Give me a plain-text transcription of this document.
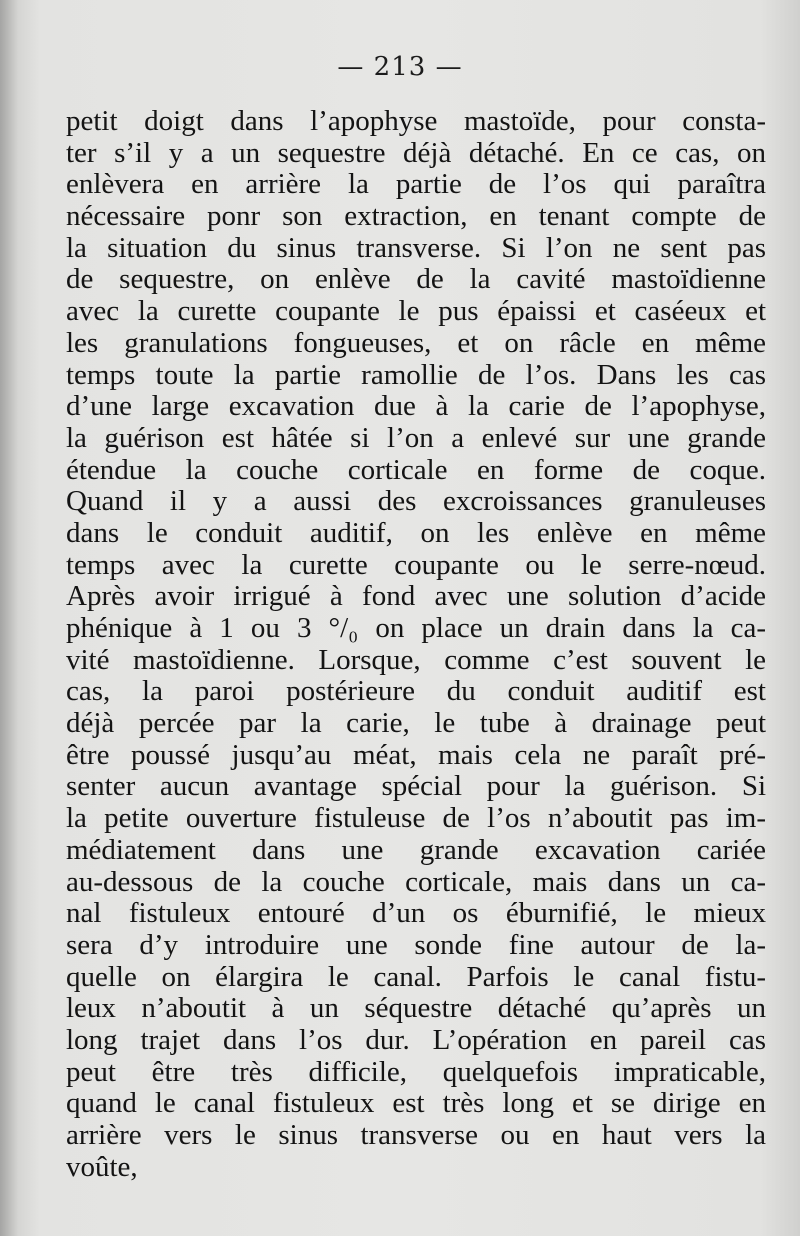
— 213 —
petit doigt dans l’apophyse mastoïde, pour consta-
ter s’il y a un sequestre déjà détaché. En ce cas, on
enlèvera en arrière la partie de l’os qui paraîtra
nécessaire ponr son extraction, en tenant compte de
la situation du sinus transverse. Si l’on ne sent pas
de sequestre, on enlève de la cavité mastoïdienne
avec la curette coupante le pus épaissi et caséeux et
les granulations fongueuses, et on râcle en même
temps toute la partie ramollie de l’os. Dans les cas
d’une large excavation due à la carie de l’apophyse,
la guérison est hâtée si l’on a enlevé sur une grande
étendue la couche corticale en forme de coque.
Quand il y a aussi des excroissances granuleuses
dans le conduit auditif, on les enlève en même
temps avec la curette coupante ou le serre-nœud.
Après avoir irrigué à fond avec une solution d’acide
phénique à 1 ou 3 °/₀ on place un drain dans la ca-
vité mastoïdienne. Lorsque, comme c’est souvent le
cas, la paroi postérieure du conduit auditif est
déjà percée par la carie, le tube à drainage peut
être poussé jusqu’au méat, mais cela ne paraît pré-
senter aucun avantage spécial pour la guérison. Si
la petite ouverture fistuleuse de l’os n’aboutit pas im-
médiatement dans une grande excavation cariée
au-dessous de la couche corticale, mais dans un ca-
nal fistuleux entouré d’un os éburnifié, le mieux
sera d’y introduire une sonde fine autour de la-
quelle on élargira le canal. Parfois le canal fistu-
leux n’aboutit à un séquestre détaché qu’après un
long trajet dans l’os dur. L’opération en pareil cas
peut être très difficile, quelquefois impraticable,
quand le canal fistuleux est très long et se dirige en
arrière vers le sinus transverse ou en haut vers la
voûte,
